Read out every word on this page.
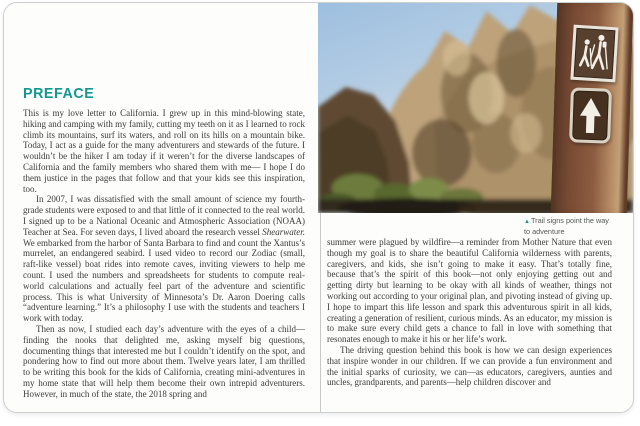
PREFACE

This is my love letter to California. I grew up in this mind-blowing state, hiking and camping with my family, cutting my teeth on it as I learned to rock climb its mountains, surf its waters, and roll on its hills on a mountain bike. Today, I act as a guide for the many adventurers and stewards of the future. I wouldn’t be the hiker I am today if it weren’t for the diverse landscapes of California and the family members who shared them with me— I hope I do them justice in the pages that follow and that your kids see this inspiration, too.

In 2007, I was dissatisfied with the small amount of science my fourth-grade students were exposed to and that little of it connected to the real world. I signed up to be a National Oceanic and Atmospheric Association (NOAA) Teacher at Sea. For seven days, I lived aboard the research vessel Shearwater. We embarked from the harbor of Santa Barbara to find and count the Xantus’s murrelet, an endangered seabird. I used video to record our Zodiac (small, raft-like vessel) boat rides into remote caves, inviting viewers to help me count. I used the numbers and spreadsheets for students to compute real-world calculations and actually feel part of the adventure and scientific process. This is what University of Minnesota’s Dr. Aaron Doering calls “adventure learning.” It’s a philosophy I use with the students and teachers I work with today.

Then as now, I studied each day’s adventure with the eyes of a child—finding the nooks that delighted me, asking myself big questions, documenting things that interested me but I couldn’t identify on the spot, and pondering how to find out more about them. Twelve years later, I am thrilled to be writing this book for the kids of California, creating mini-adventures in my home state that will help them become their own intrepid adventurers. However, in much of the state, the 2018 spring and

▲Trail signs point the way to adventure

summer were plagued by wildfire—a reminder from Mother Nature that even though my goal is to share the beautiful California wilderness with parents, caregivers, and kids, she isn’t going to make it easy. That’s totally fine, because that’s the spirit of this book—not only enjoying getting out and getting dirty but learning to be okay with all kinds of weather, things not working out according to your original plan, and pivoting instead of giving up. I hope to impart this life lesson and spark this adventurous spirit in all kids, creating a generation of resilient, curious minds. As an educator, my mission is to make sure every child gets a chance to fall in love with something that resonates enough to make it his or her life’s work.

The driving question behind this book is how we can design experiences that inspire wonder in our children. If we can provide a fun environment and the initial sparks of curiosity, we can—as educators, caregivers, aunties and uncles, grandparents, and parents—help children discover and
